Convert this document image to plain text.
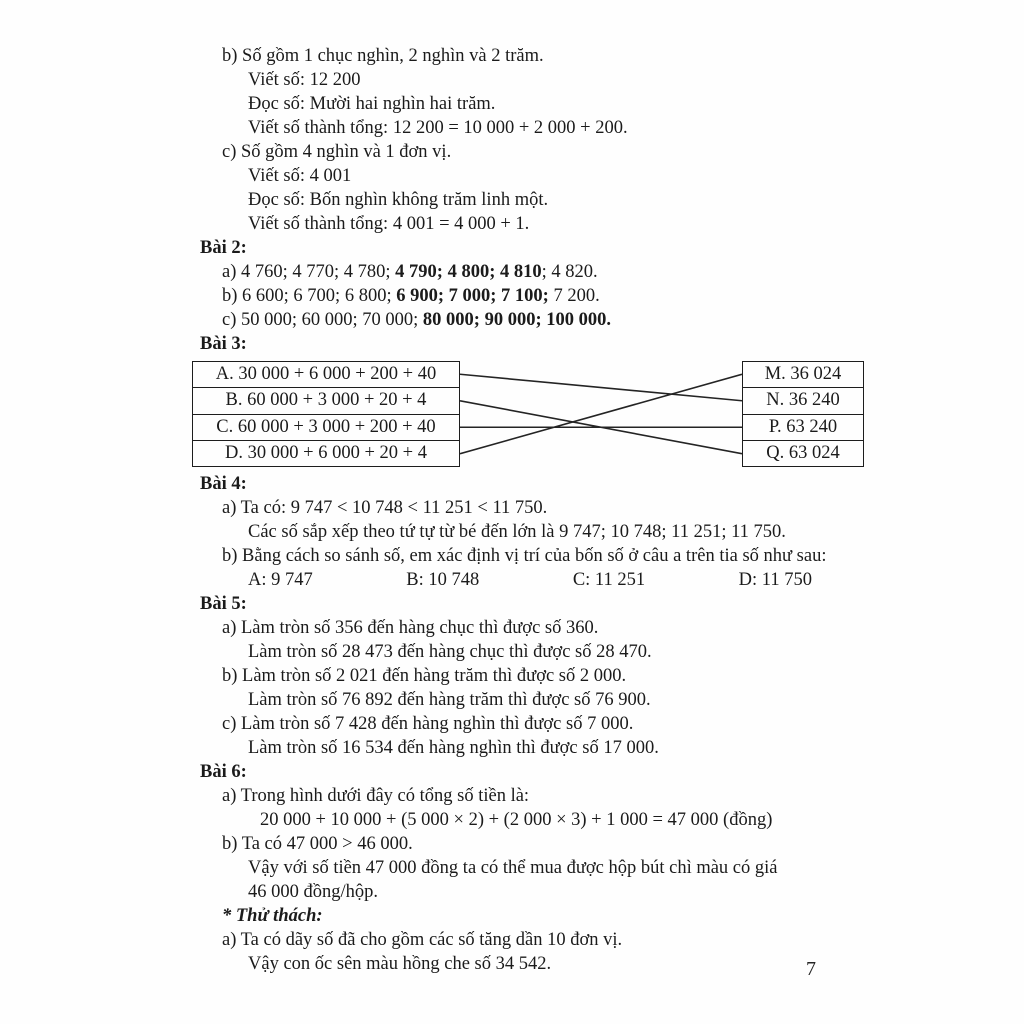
b) Số gồm 1 chục nghìn, 2 nghìn và 2 trăm.
Viết số: 12 200
Đọc số: Mười hai nghìn hai trăm.
Viết số thành tổng: 12 200 = 10 000 + 2 000 + 200.
c) Số gồm 4 nghìn và 1 đơn vị.
Viết số: 4 001
Đọc số: Bốn nghìn không trăm linh một.
Viết số thành tổng: 4 001 = 4 000 + 1.
Bài 2:
a) 4 760; 4 770; 4 780; 4 790; 4 800; 4 810; 4 820.
b) 6 600; 6 700; 6 800; 6 900; 7 000; 7 100; 7 200.
c) 50 000; 60 000; 70 000; 80 000; 90 000; 100 000.
Bài 3:
A. 30 000 + 6 000 + 200 + 40
B. 60 000 + 3 000 + 20 + 4
C. 60 000 + 3 000 + 200 + 40
D. 30 000 + 6 000 + 20 + 4
M. 36 024
N. 36 240
P. 63 240
Q. 63 024
Bài 4:
a) Ta có: 9 747 < 10 748 < 11 251 < 11 750.
Các số sắp xếp theo tứ tự từ bé đến lớn là 9 747; 10 748; 11 251; 11 750.
b) Bằng cách so sánh số, em xác định vị trí của bốn số ở câu a trên tia số như sau:
A: 9 747	B: 10 748	C: 11 251	D: 11 750
Bài 5:
a) Làm tròn số 356 đến hàng chục thì được số 360.
Làm tròn số 28 473 đến hàng chục thì được số 28 470.
b) Làm tròn số 2 021 đến hàng trăm thì được số 2 000.
Làm tròn số 76 892 đến hàng trăm thì được số 76 900.
c) Làm tròn số 7 428 đến hàng nghìn thì được số 7 000.
Làm tròn số 16 534 đến hàng nghìn thì được số 17 000.
Bài 6:
a) Trong hình dưới đây có tổng số tiền là:
20 000 + 10 000 + (5 000 × 2) + (2 000 × 3) + 1 000 = 47 000 (đồng)
b) Ta có 47 000 > 46 000.
Vậy với số tiền 47 000 đồng ta có thể mua được hộp bút chì màu có giá
46 000 đồng/hộp.
* Thử thách:
a) Ta có dãy số đã cho gồm các số tăng dần 10 đơn vị.
Vậy con ốc sên màu hồng che số 34 542.	7
